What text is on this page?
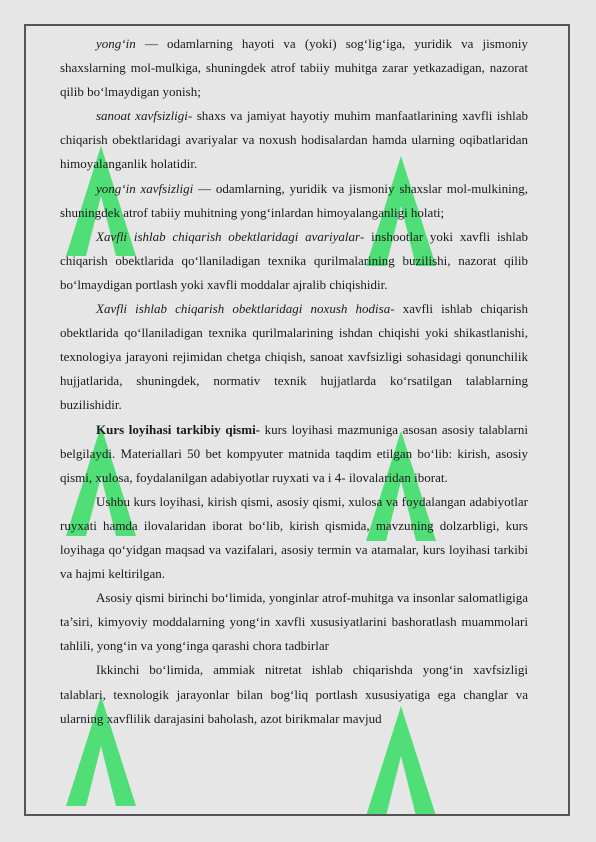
yong‘in — odamlarning hayoti va (yoki) sog‘lig‘iga, yuridik va jismoniy shaxslarning mol-mulkiga, shuningdek atrof tabiiy muhitga zarar yetkazadigan, nazorat qilib bo‘lmaydigan yonish;

sanoat xavfsizligi- shaxs va jamiyat hayotiy muhim manfaatlarining xavfli ishlab chiqarish obektlaridagi avariyalar va noxush hodisalardan hamda ularning oqibatlaridan himoyalanganlik holatidir.

yong‘in xavfsizligi — odamlarning, yuridik va jismoniy shaxslar mol-mulkining, shuningdek atrof tabiiy muhitning yong‘inlardan himoyalanganligi holati;

Xavfli ishlab chiqarish obektlaridagi avariyalar- inshootlar yoki xavfli ishlab chiqarish obektlarida qo‘llaniladigan texnika qurilmalarining buzilishi, nazorat qilib bo‘lmaydigan portlash yoki xavfli moddalar ajralib chiqishidir.

Xavfli ishlab chiqarish obektlaridagi noxush hodisa- xavfli ishlab chiqarish obektlarida qo‘llaniladigan texnika qurilmalarining ishdan chiqishi yoki shikastlanishi, texnologiya jarayoni rejimidan chetga chiqish, sanoat xavfsizligi sohasidagi qonunchilik hujjatlarida, shuningdek, normativ texnik hujjatlarda ko‘rsatilgan talablarning buzilishidir.

Kurs loyihasi tarkibiy qismi- kurs loyihasi mazmuniga asosan asosiy talablarni belgilaydi. Materiallari 50 bet kompyuter matnida taqdim etilgan bo‘lib: kirish, asosiy qismi, xulosa, foydalanilgan adabiyotlar ruyxati va i 4- ilovalaridan iborat.

Ushbu kurs loyihasi, kirish qismi, asosiy qismi, xulosa va foydalangan adabiyotlar ruyxati hamda ilovalaridan iborat bo‘lib, kirish qismida, mavzuning dolzarbligi, kurs loyihaga qo‘yidgan maqsad va vazifalari, asosiy termin va atamalar, kurs loyihasi tarkibi va hajmi keltirilgan.

Asosiy qismi birinchi bo‘limida, yonginlar atrof-muhitga va insonlar salomatligiga ta’siri, kimyoviy moddalarning yong‘in xavfli xususiyatlarini bashoratlash muammolari tahlili, yong‘in va yong‘inga qarashi chora tadbirlar

Ikkinchi bo‘limida, ammiak nitretat ishlab chiqarishda yong‘in xavfsizligi talablari, texnologik jarayonlar bilan bog‘liq portlash xususiyatiga ega changlar va ularning xavflilik darajasini baholash, azot birikmalar mavjud
